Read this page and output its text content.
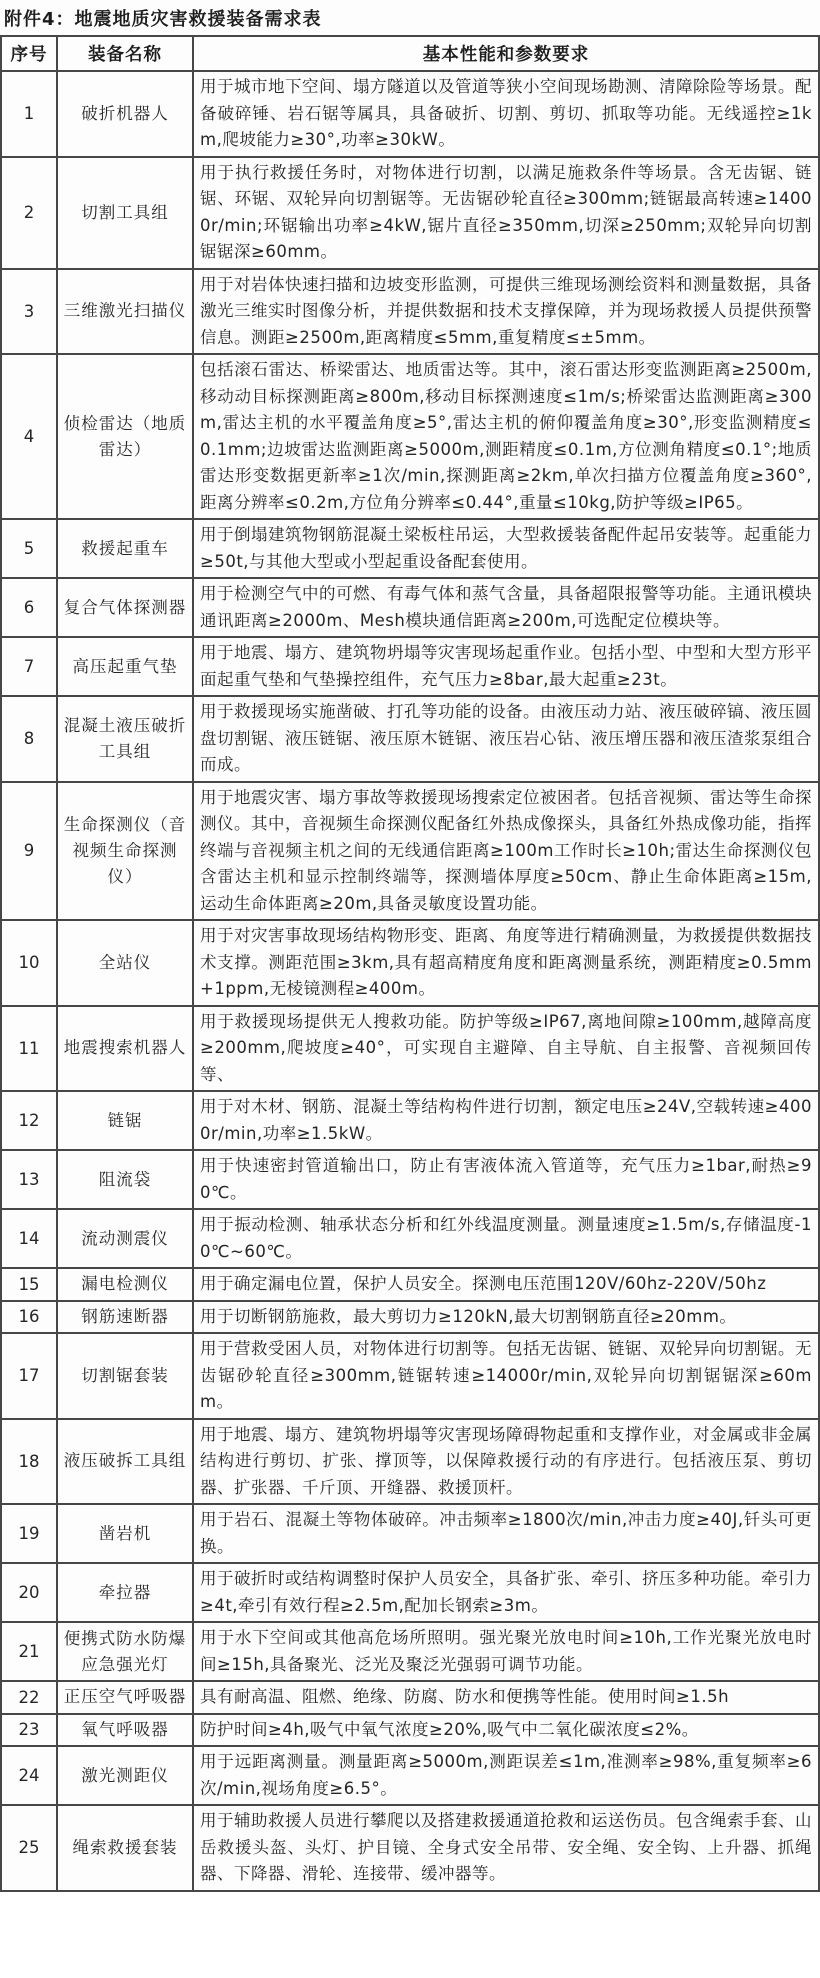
附件4：地震地质灾害救援装备需求表
序号	装备名称	基本性能和参数要求
1	破折机器人	用于城市地下空间、塌方隧道以及管道等狭小空间现场勘测、清障除险等场景。配备破碎锤、岩石锯等属具，具备破折、切割、剪切、抓取等功能。无线遥控≥1km,爬坡能力≥30°,功率≥30kW。
2	切割工具组	用于执行救援任务时，对物体进行切割，以满足施救条件等场景。含无齿锯、链锯、环锯、双轮异向切割锯等。无齿锯砂轮直径≥300mm;链锯最高转速≥14000r/min;环锯输出功率≥4kW,锯片直径≥350mm,切深≥250mm;双轮异向切割锯锯深≥60mm。
3	三维激光扫描仪	用于对岩体快速扫描和边坡变形监测，可提供三维现场测绘资料和测量数据，具备激光三维实时图像分析，并提供数据和技术支撑保障，并为现场救援人员提供预警信息。测距≥2500m,距离精度≤5mm,重复精度≤±5mm。
4	侦检雷达（地质雷达）	包括滚石雷达、桥梁雷达、地质雷达等。其中，滚石雷达形变监测距离≥2500m,移动动目标探测距离≥800m,移动目标探测速度≤1m/s;桥梁雷达监测距离≥300m,雷达主机的水平覆盖角度≥5°,雷达主机的俯仰覆盖角度≥30°,形变监测精度≤0.1mm;边坡雷达监测距离≥5000m,测距精度≤0.1m,方位测角精度≤0.1°;地质雷达形变数据更新率≥1次/min,探测距离≥2km,单次扫描方位覆盖角度≥360°,距离分辨率≤0.2m,方位角分辨率≤0.44°,重量≤10kg,防护等级≥IP65。
5	救援起重车	用于倒塌建筑物钢筋混凝土梁板柱吊运，大型救援装备配件起吊安装等。起重能力≥50t,与其他大型或小型起重设备配套使用。
6	复合气体探测器	用于检测空气中的可燃、有毒气体和蒸气含量，具备超限报警等功能。主通讯模块通讯距离≥2000m、Mesh模块通信距离≥200m,可选配定位模块等。
7	高压起重气垫	用于地震、塌方、建筑物坍塌等灾害现场起重作业。包括小型、中型和大型方形平面起重气垫和气垫操控组件，充气压力≥8bar,最大起重≥23t。
8	混凝土液压破折工具组	用于救援现场实施凿破、打孔等功能的设备。由液压动力站、液压破碎镐、液压圆盘切割锯、液压链锯、液压原木链锯、液压岩心钻、液压增压器和液压渣浆泵组合而成。
9	生命探测仪（音视频生命探测仪）	用于地震灾害、塌方事故等救援现场搜索定位被困者。包括音视频、雷达等生命探测仪。其中，音视频生命探测仪配备红外热成像探头，具备红外热成像功能，指挥终端与音视频主机之间的无线通信距离≥100m工作时长≥10h;雷达生命探测仪包含雷达主机和显示控制终端等，探测墙体厚度≥50cm、静止生命体距离≥15m,运动生命体距离≥20m,具备灵敏度设置功能。
10	全站仪	用于对灾害事故现场结构物形变、距离、角度等进行精确测量，为救援提供数据技术支撑。测距范围≥3km,具有超高精度角度和距离测量系统，测距精度≥0.5mm+1ppm,无棱镜测程≥400m。
11	地震搜索机器人	用于救援现场提供无人搜救功能。防护等级≥IP67,离地间隙≥100mm,越障高度≥200mm,爬坡度≥40°，可实现自主避障、自主导航、自主报警、音视频回传等、
12	链锯	用于对木材、钢筋、混凝土等结构构件进行切割，额定电压≥24V,空载转速≥4000r/min,功率≥1.5kW。
13	阻流袋	用于快速密封管道输出口，防止有害液体流入管道等，充气压力≥1bar,耐热≥90℃。
14	流动测震仪	用于振动检测、轴承状态分析和红外线温度测量。测量速度≥1.5m/s,存储温度-10℃~60℃。
15	漏电检测仪	用于确定漏电位置，保护人员安全。探测电压范围120V/60hz-220V/50hz
16	钢筋速断器	用于切断钢筋施救，最大剪切力≥120kN,最大切割钢筋直径≥20mm。
17	切割锯套装	用于营救受困人员，对物体进行切割等。包括无齿锯、链锯、双轮异向切割锯。无齿锯砂轮直径≥300mm,链锯转速≥14000r/min,双轮异向切割锯锯深≥60mm。
18	液压破拆工具组	用于地震、塌方、建筑物坍塌等灾害现场障碍物起重和支撑作业，对金属或非金属结构进行剪切、扩张、撑顶等，以保障救援行动的有序进行。包括液压泵、剪切器、扩张器、千斤顶、开缝器、救援顶杆。
19	凿岩机	用于岩石、混凝土等物体破碎。冲击频率≥1800次/min,冲击力度≥40J,钎头可更换。
20	牵拉器	用于破折时或结构调整时保护人员安全，具备扩张、牵引、挤压多种功能。牵引力≥4t,牵引有效行程≥2.5m,配加长钢索≥3m。
21	便携式防水防爆应急强光灯	用于水下空间或其他高危场所照明。强光聚光放电时间≥10h,工作光聚光放电时间≥15h,具备聚光、泛光及聚泛光强弱可调节功能。
22	正压空气呼吸器	具有耐高温、阻燃、绝缘、防腐、防水和便携等性能。使用时间≥1.5h
23	氧气呼吸器	防护时间≥4h,吸气中氧气浓度≥20%,吸气中二氧化碳浓度≤2%。
24	激光测距仪	用于远距离测量。测量距离≥5000m,测距误差≤1m,准测率≥98%,重复频率≥6次/min,视场角度≥6.5°。
25	绳索救援套装	用于辅助救援人员进行攀爬以及搭建救援通道抢救和运送伤员。包含绳索手套、山岳救援头盔、头灯、护目镜、全身式安全吊带、安全绳、安全钩、上升器、抓绳器、下降器、滑轮、连接带、缓冲器等。
